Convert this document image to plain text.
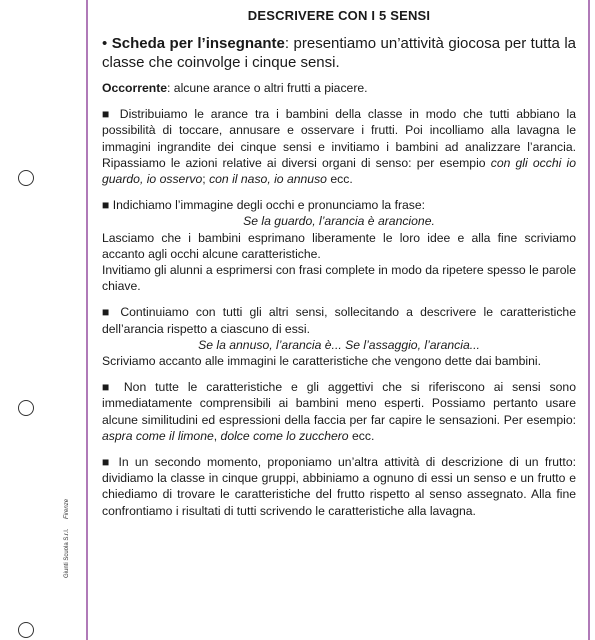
Giunti Scuola S.r.l. Firenze
DESCRIVERE CON I 5 SENSI

• Scheda per l’insegnante: presentiamo un’attività giocosa per tutta la classe che coinvolge i cinque sensi.

Occorrente: alcune arance o altri frutti a piacere.

■ Distribuiamo le arance tra i bambini della classe in modo che tutti abbiano la possibilità di toccare, annusare e osservare i frutti. Poi incolliamo alla lavagna le immagini ingrandite dei cinque sensi e invitiamo i bambini ad analizzare l’arancia. Ripassiamo le azioni relative ai diversi organi di senso: per esempio con gli occhi io guardo, io osservo; con il naso, io annuso ecc.

■ Indichiamo l’immagine degli occhi e pronunciamo la frase:

Se la guardo, l’arancia è arancione.

Lasciamo che i bambini esprimano liberamente le loro idee e alla fine scriviamo accanto agli occhi alcune caratteristiche.

Invitiamo gli alunni a esprimersi con frasi complete in modo da ripetere spesso le parole chiave.

■ Continuiamo con tutti gli altri sensi, sollecitando a descrivere le caratteristiche dell’arancia rispetto a ciascuno di essi.

Se la annuso, l’arancia è... Se l’assaggio, l’arancia...

Scriviamo accanto alle immagini le caratteristiche che vengono dette dai bambini.

■ Non tutte le caratteristiche e gli aggettivi che si riferiscono ai sensi sono immediatamente comprensibili ai bambini meno esperti. Possiamo pertanto usare alcune similitudini ed espressioni della faccia per far capire le sensazioni. Per esempio: aspra come il limone, dolce come lo zucchero ecc.

■ In un secondo momento, proponiamo un’altra attività di descrizione di un frutto: dividiamo la classe in cinque gruppi, abbiniamo a ognuno di essi un senso e un frutto e chiediamo di trovare le caratteristiche del frutto rispetto al senso assegnato. Alla fine confrontiamo i risultati di tutti scrivendo le caratteristiche alla lavagna.
